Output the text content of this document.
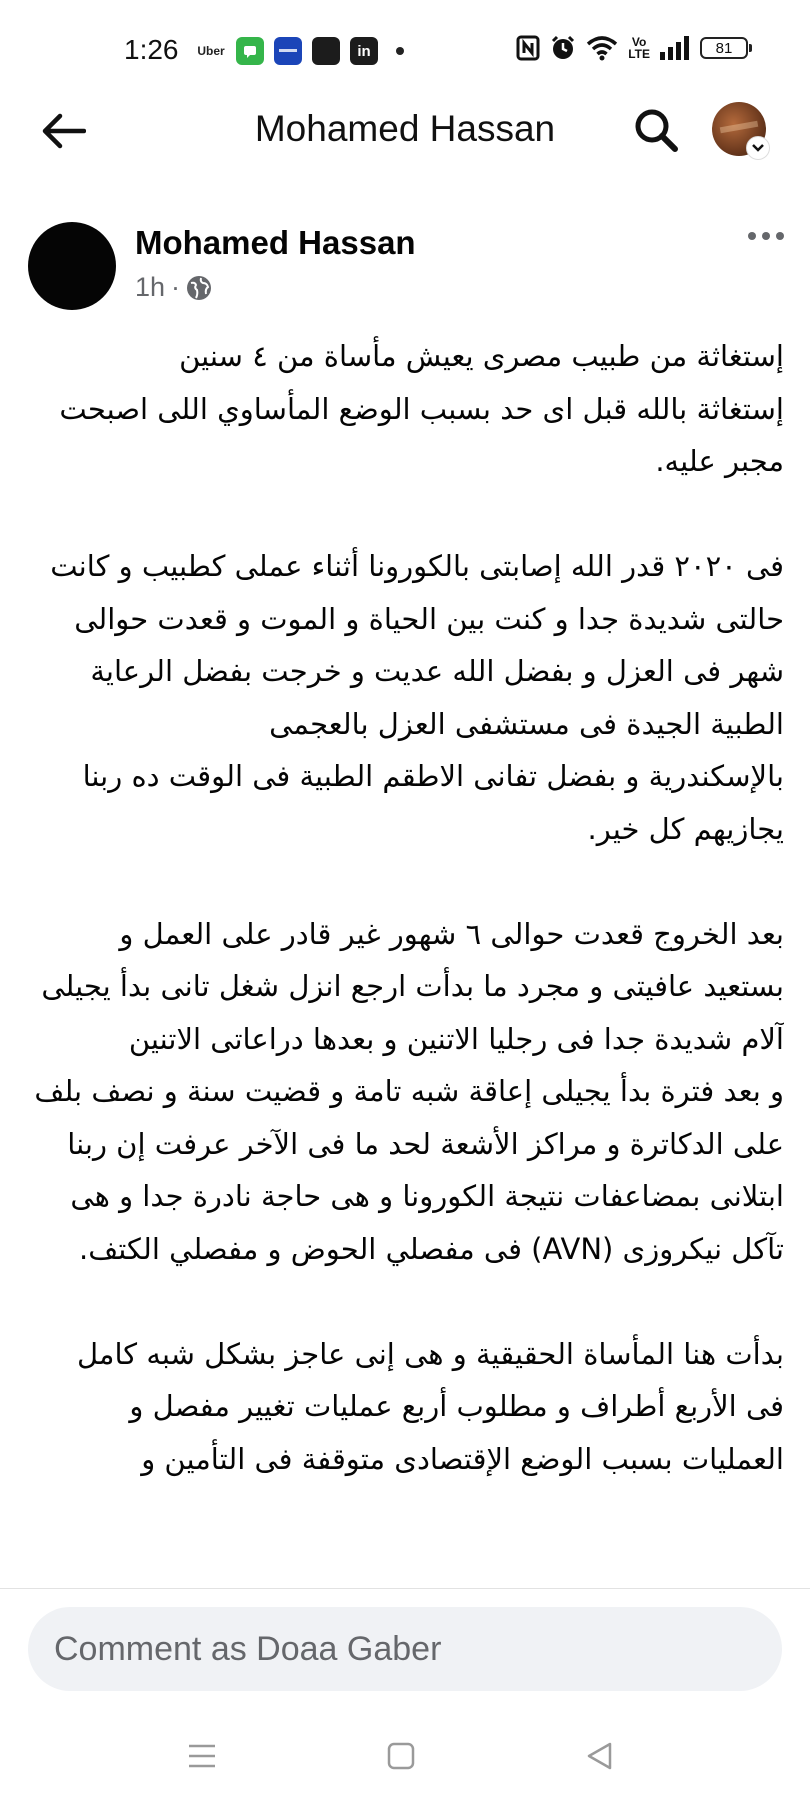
1:26 Uber	in
Vo
LTE	81
Mohamed Hassan
Mohamed Hassan
1h ·

إستغاثة من طبيب مصرى يعيش مأساة من ٤ سنين
إستغاثة بالله قبل اى حد بسبب الوضع المأساوي اللى اصبحت مجبر عليه.

فى ٢٠٢٠ قدر الله إصابتى بالكورونا أثناء عملى كطبيب و كانت حالتى شديدة جدا و كنت بين الحياة و الموت و قعدت حوالى شهر فى العزل و بفضل الله عديت و خرجت بفضل الرعاية الطبية الجيدة فى مستشفى العزل بالعجمى
بالإسكندرية و بفضل تفانى الاطقم الطبية فى الوقت ده ربنا يجازيهم كل خير.

بعد الخروج قعدت حوالى ٦ شهور غير قادر على العمل و بستعيد عافيتى و مجرد ما بدأت ارجع انزل شغل تانى بدأ يجيلى آلام شديدة جدا فى رجليا الاتنين و بعدها دراعاتى الاتنين
و بعد فترة بدأ يجيلى إعاقة شبه تامة و قضيت سنة و نصف بلف على الدكاترة و مراكز الأشعة لحد ما فى الآخر عرفت إن ربنا ابتلانى بمضاعفات نتيجة الكورونا و هى حاجة نادرة جدا و هى تآكل نيكروزى (AVN) فى مفصلي الحوض و مفصلي الكتف.

بدأت هنا المأساة الحقيقية و هى إنى عاجز بشكل شبه كامل فى الأربع أطراف و مطلوب أربع عمليات تغيير مفصل و العمليات بسبب الوضع الإقتصادى متوقفة فى التأمين و

Comment as Doaa Gaber
